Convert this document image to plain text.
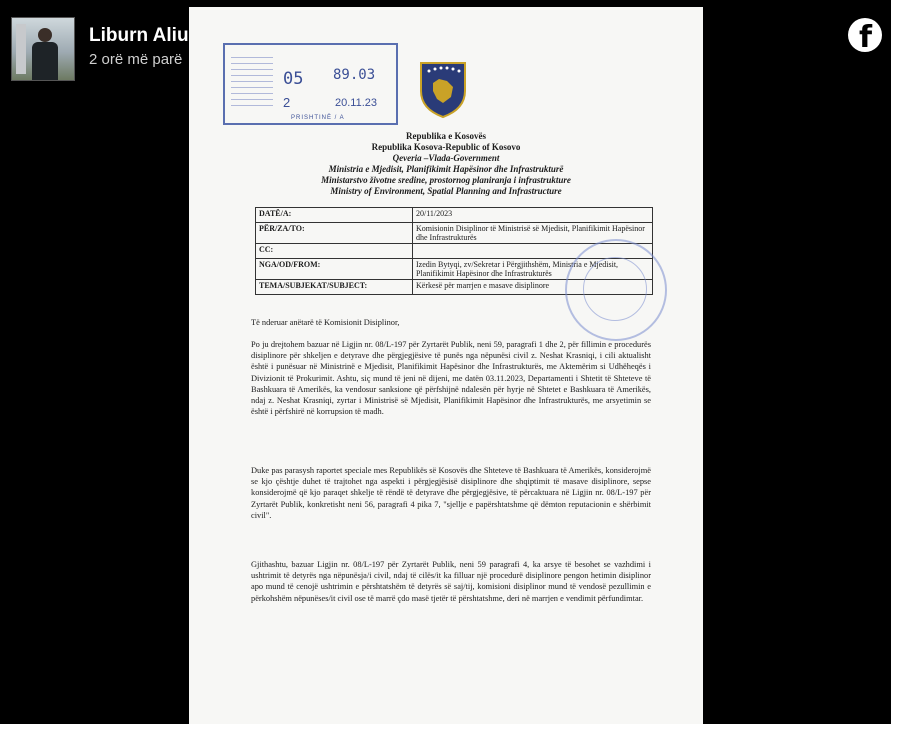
Liburn Aliu
2 orë më parë
f
05 89.03
2	20.11.23
PRISHTINË / A
Republika e Kosovës
Republika Kosova-Republic of Kosovo
Qeveria –Vlada-Government
Ministria e Mjedisit, Planifikimit Hapësinor dhe Infrastrukturë
Ministarstvo životne sredine, prostornog planiranja i infrastrukture
Ministry of Environment, Spatial Planning and Infrastructure
DATË/A:	20/11/2023
PËR/ZA/TO:	Komisionin Disiplinor të Ministrisë së Mjedisit, Planifikimit Hapësinor dhe Infrastrukturës
CC:	
NGA/OD/FROM:	Izedin Bytyqi, zv/Sekretar i Përgjithshëm, Ministria e Mjedisit, Planifikimit Hapësinor dhe Infrastrukturës
TEMA/SUBJEKAT/SUBJECT:	Kërkesë për marrjen e masave disiplinore
Të nderuar anëtarë të Komisionit Disiplinor,
Po ju drejtohem bazuar në Ligjin nr. 08/L-197 për Zyrtarët Publik, neni 59, paragrafi 1 dhe 2, për fillimin e procedurës disiplinore për shkeljen e detyrave dhe përgjegjësive të punës nga nëpunësi civil z. Neshat Krasniqi, i cili aktualisht është i punësuar në Ministrinë e Mjedisit, Planifikimit Hapësinor dhe Infrastrukturës, me Aktemërim si Udhëheqës i Divizionit të Prokurimit. Ashtu, siç mund të jeni në dijeni, me datën 03.11.2023, Departamenti i Shtetit të Shteteve të Bashkuara të Amerikës, ka vendosur sanksione që përfshijnë ndalesën për hyrje në Shtetet e Bashkuara të Amerikës, ndaj z. Neshat Krasniqi, zyrtar i Ministrisë së Mjedisit, Planifikimit Hapësinor dhe Infrastrukturës, me arsyetimin se është i përfshirë në korrupsion të madh.
Duke pas parasysh raportet speciale mes Republikës së Kosovës dhe Shteteve të Bashkuara të Amerikës, konsiderojmë se kjo çështje duhet të trajtohet nga aspekti i përgjegjësisë disiplinore dhe shqiptimit të masave disiplinore, sepse konsiderojmë që kjo paraqet shkelje të rëndë të detyrave dhe përgjegjësive, të përcaktuara në Ligjin nr. 08/L-197 për Zyrtarët Publik, konkretisht neni 56, paragrafi 4 pika 7, "sjellje e papërshtatshme që dëmton reputacionin e shërbimit civil".
Gjithashtu, bazuar Ligjin nr. 08/L-197 për Zyrtarët Publik, neni 59 paragrafi 4, ka arsye të besohet se vazhdimi i ushtrimit të detyrës nga nëpunësja/i civil, ndaj të cilës/it ka filluar një procedurë disiplinore pengon hetimin disiplinor apo mund të cenojë ushtrimin e përshtatshëm të detyrës së saj/tij, komisioni disiplinor mund të vendosë pezullimin e përkohshëm nëpunëses/it civil ose të marrë çdo masë tjetër të përshtatshme, deri në marrjen e vendimit përfundimtar.
